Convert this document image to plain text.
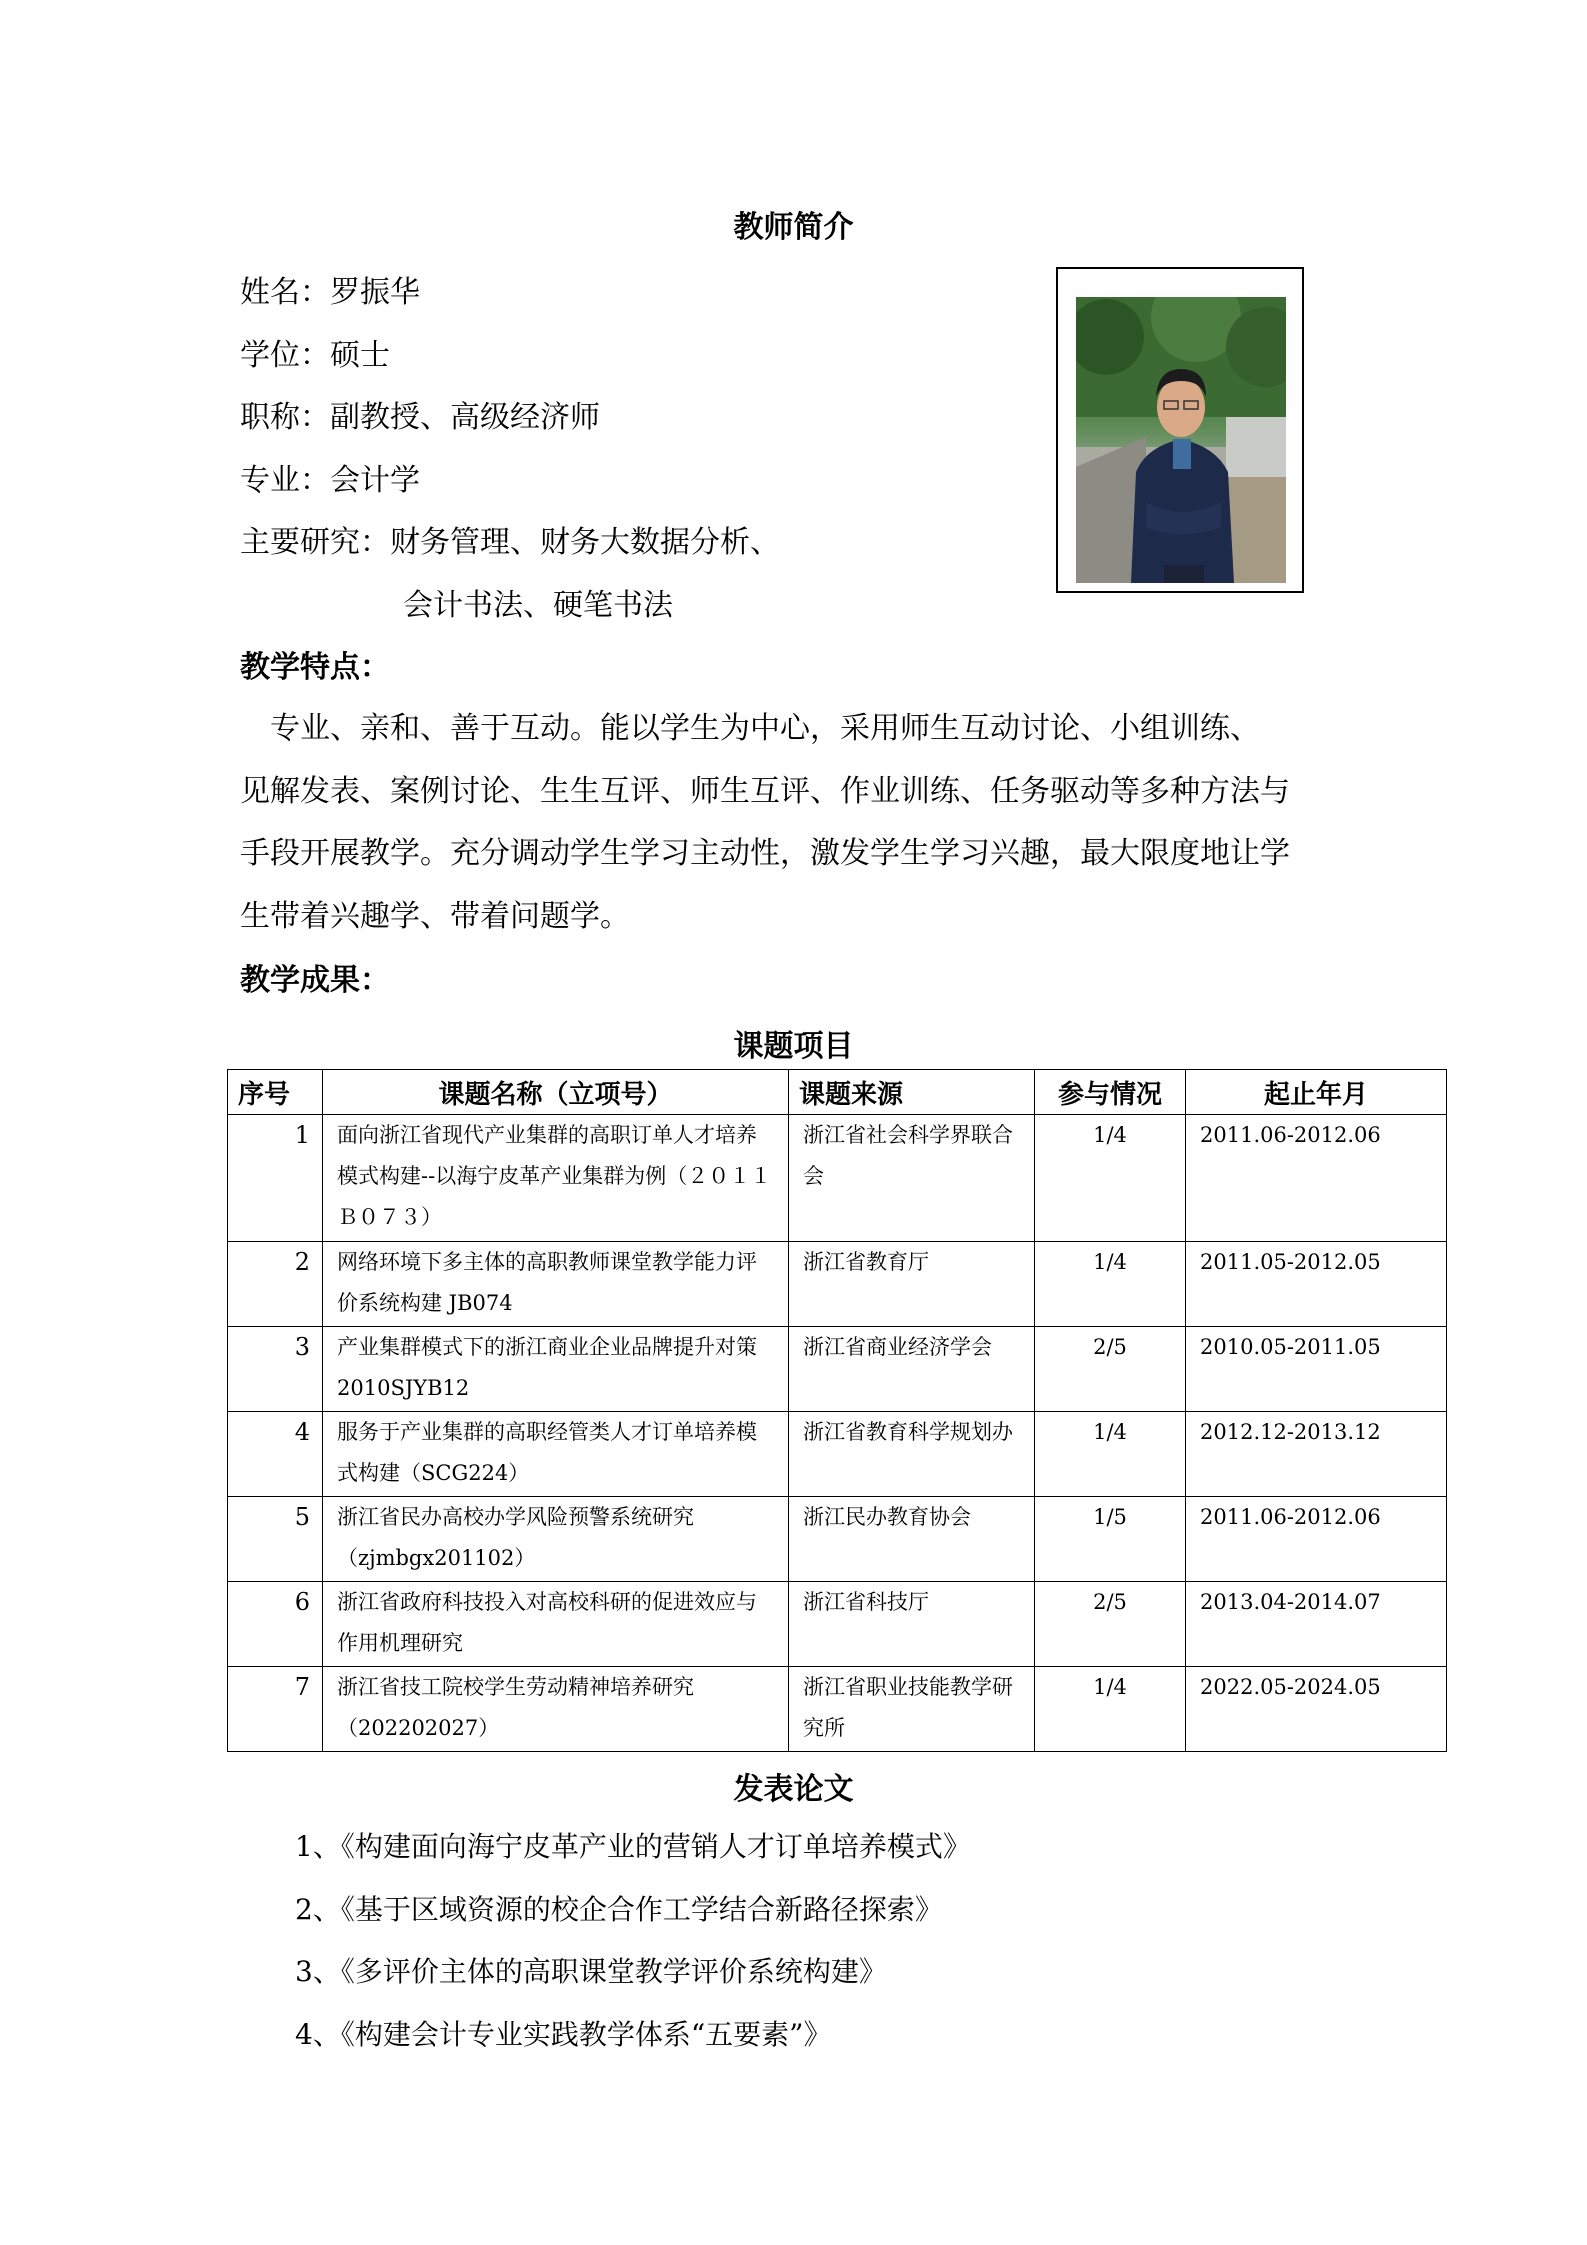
教师简介
姓名：罗振华
学位：硕士
职称：副教授、高级经济师
专业：会计学
主要研究：财务管理、财务大数据分析、
会计书法、硬笔书法
教学特点：
　专业、亲和、善于互动。能以学生为中心，采用师生互动讨论、小组训练、
见解发表、案例讨论、生生互评、师生互评、作业训练、任务驱动等多种方法与
手段开展教学。充分调动学生学习主动性，激发学生学习兴趣，最大限度地让学
生带着兴趣学、带着问题学。
教学成果：
课题项目
序号	课题名称（立项号）	课题来源	参与情况	起止年月
1	面向浙江省现代产业集群的高职订单人才培养模式构建--以海宁皮革产业集群为例（２０１１Ｂ０７３）	浙江省社会科学界联合会	1/4	2011.06-2012.06
2	网络环境下多主体的高职教师课堂教学能力评价系统构建 JB074	浙江省教育厅	1/4	2011.05-2012.05
3	产业集群模式下的浙江商业企业品牌提升对策 2010SJYB12	浙江省商业经济学会	2/5	2010.05-2011.05
4	服务于产业集群的高职经管类人才订单培养模式构建（SCG224）	浙江省教育科学规划办	1/4	2012.12-2013.12
5	浙江省民办高校办学风险预警系统研究（zjmbgx201102）	浙江民办教育协会	1/5	2011.06-2012.06
6	浙江省政府科技投入对高校科研的促进效应与作用机理研究	浙江省科技厅	2/5	2013.04-2014.07
7	浙江省技工院校学生劳动精神培养研究（202202027）	浙江省职业技能教学研究所	1/4	2022.05-2024.05
发表论文
1、《构建面向海宁皮革产业的营销人才订单培养模式》
2、《基于区域资源的校企合作工学结合新路径探索》
3、《多评价主体的高职课堂教学评价系统构建》
4、《构建会计专业实践教学体系“五要素”》
